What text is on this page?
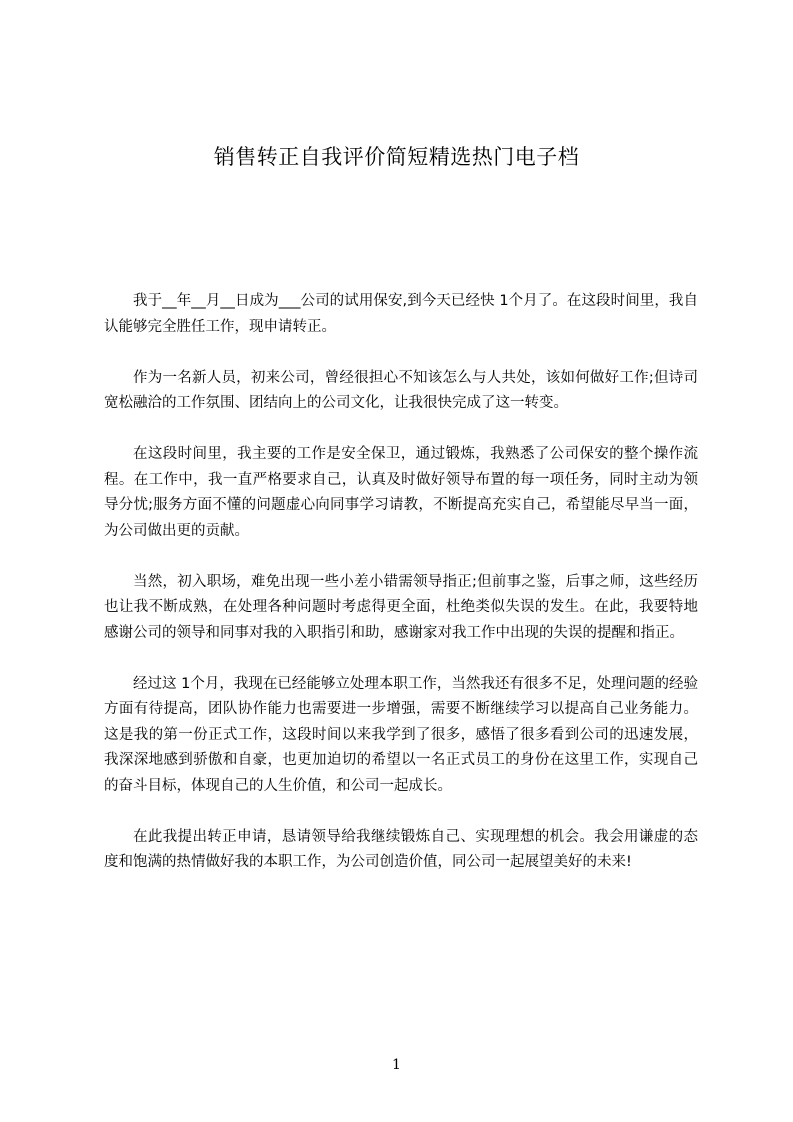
销售转正自我评价简短精选热门电子档

我于__年__月__日成为___公司的试用保安,到今天已经快 1个月了。在这段时间里，我自认能够完全胜任工作，现申请转正。

作为一名新人员，初来公司，曾经很担心不知该怎么与人共处，该如何做好工作;但诗司宽松融洽的工作氛围、团结向上的公司文化，让我很快完成了这一转变。

在这段时间里，我主要的工作是安全保卫，通过锻炼，我熟悉了公司保安的整个操作流程。在工作中，我一直严格要求自己，认真及时做好领导布置的每一项任务，同时主动为领导分忧;服务方面不懂的问题虚心向同事学习请教，不断提高充实自己，希望能尽早当一面，为公司做出更的贡献。

当然，初入职场，难免出现一些小差小错需领导指正;但前事之鉴，后事之师，这些经历也让我不断成熟，在处理各种问题时考虑得更全面，杜绝类似失误的发生。在此，我要特地感谢公司的领导和同事对我的入职指引和助，感谢家对我工作中出现的失误的提醒和指正。

经过这 1个月，我现在已经能够立处理本职工作，当然我还有很多不足，处理问题的经验方面有待提高，团队协作能力也需要进一步增强，需要不断继续学习以提高自己业务能力。这是我的第一份正式工作，这段时间以来我学到了很多，感悟了很多看到公司的迅速发展，我深深地感到骄傲和自豪，也更加迫切的希望以一名正式员工的身份在这里工作，实现自己的奋斗目标，体现自己的人生价值，和公司一起成长。

在此我提出转正申请，恳请领导给我继续锻炼自己、实现理想的机会。我会用谦虚的态度和饱满的热情做好我的本职工作，为公司创造价值，同公司一起展望美好的未来!

1
